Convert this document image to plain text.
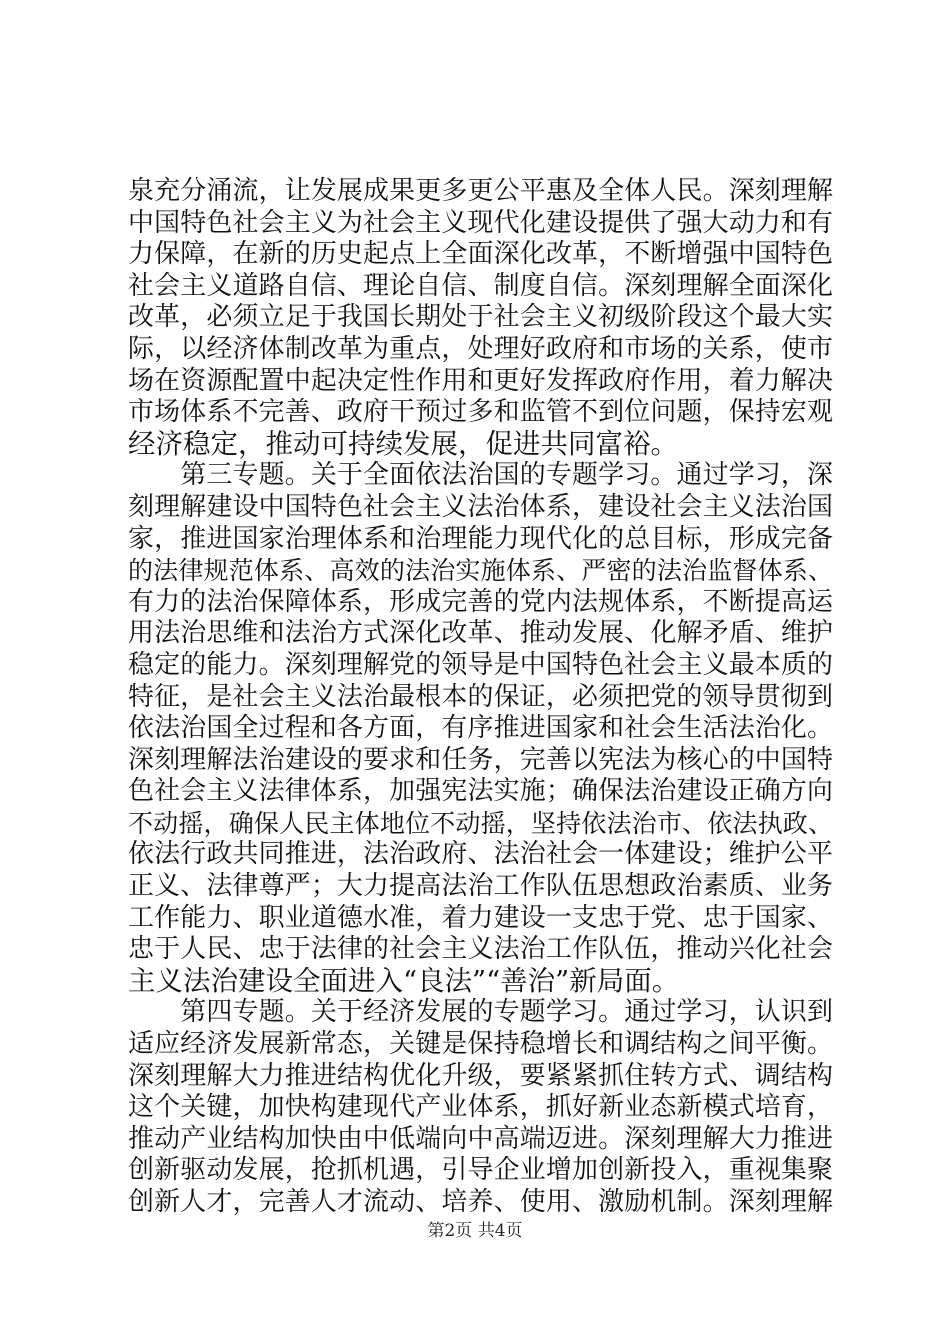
泉充分涌流，让发展成果更多更公平惠及全体人民。深刻理解
中国特色社会主义为社会主义现代化建设提供了强大动力和有
力保障，在新的历史起点上全面深化改革，不断增强中国特色
社会主义道路自信、理论自信、制度自信。深刻理解全面深化
改革，必须立足于我国长期处于社会主义初级阶段这个最大实
际，以经济体制改革为重点，处理好政府和市场的关系，使市
场在资源配置中起决定性作用和更好发挥政府作用，着力解决
市场体系不完善、政府干预过多和监管不到位问题，保持宏观
经济稳定，推动可持续发展，促进共同富裕。
　　第三专题。关于全面依法治国的专题学习。通过学习，深
刻理解建设中国特色社会主义法治体系，建设社会主义法治国
家，推进国家治理体系和治理能力现代化的总目标，形成完备
的法律规范体系、高效的法治实施体系、严密的法治监督体系、
有力的法治保障体系，形成完善的党内法规体系，不断提高运
用法治思维和法治方式深化改革、推动发展、化解矛盾、维护
稳定的能力。深刻理解党的领导是中国特色社会主义最本质的
特征，是社会主义法治最根本的保证，必须把党的领导贯彻到
依法治国全过程和各方面，有序推进国家和社会生活法治化。
深刻理解法治建设的要求和任务，完善以宪法为核心的中国特
色社会主义法律体系，加强宪法实施；确保法治建设正确方向
不动摇，确保人民主体地位不动摇，坚持依法治市、依法执政、
依法行政共同推进，法治政府、法治社会一体建设；维护公平
正义、法律尊严；大力提高法治工作队伍思想政治素质、业务
工作能力、职业道德水准，着力建设一支忠于党、忠于国家、
忠于人民、忠于法律的社会主义法治工作队伍，推动兴化社会
主义法治建设全面进入“良法”“善治”新局面。
　　第四专题。关于经济发展的专题学习。通过学习，认识到
适应经济发展新常态，关键是保持稳增长和调结构之间平衡。
深刻理解大力推进结构优化升级，要紧紧抓住转方式、调结构
这个关键，加快构建现代产业体系，抓好新业态新模式培育，
推动产业结构加快由中低端向中高端迈进。深刻理解大力推进
创新驱动发展，抢抓机遇，引导企业增加创新投入，重视集聚
创新人才，完善人才流动、培养、使用、激励机制。深刻理解
第2页 共4页
